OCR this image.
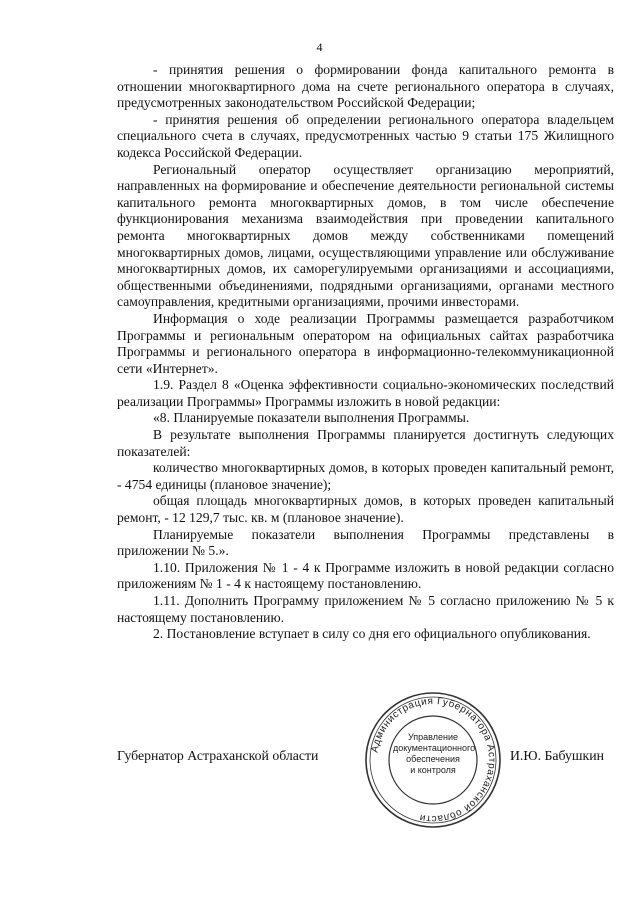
4

- принятия решения о формировании фонда капитального ремонта в отношении многоквартирного дома на счете регионального оператора в случаях, предусмотренных законодательством Российской Федерации;

- принятия решения об определении регионального оператора владельцем специального счета в случаях, предусмотренных частью 9 статьи 175 Жилищного кодекса Российской Федерации.

Региональный оператор осуществляет организацию мероприятий, направленных на формирование и обеспечение деятельности региональной системы капитального ремонта многоквартирных домов, в том числе обеспечение функционирования механизма взаимодействия при проведении капитального ремонта многоквартирных домов между собственниками помещений многоквартирных домов, лицами, осуществляющими управление или обслуживание многоквартирных домов, их саморегулируемыми организациями и ассоциациями, общественными объединениями, подрядными организациями, органами местного самоуправления, кредитными организациями, прочими инвесторами.

Информация о ходе реализации Программы размещается разработчиком Программы и региональным оператором на официальных сайтах разработчика Программы и регионального оператора в информационно-телекоммуникационной сети «Интернет».

1.9. Раздел 8 «Оценка эффективности социально-экономических последствий реализации Программы» Программы изложить в новой редакции:

«8. Планируемые показатели выполнения Программы.

В результате выполнения Программы планируется достигнуть следующих показателей:

количество многоквартирных домов, в которых проведен капитальный ремонт, - 4754 единицы (плановое значение);

общая площадь многоквартирных домов, в которых проведен капитальный ремонт, - 12 129,7 тыс. кв. м (плановое значение).

Планируемые показатели выполнения Программы представлены в приложении № 5.».

1.10. Приложения № 1 - 4 к Программе изложить в новой редакции согласно приложениям № 1 - 4 к настоящему постановлению.

1.11. Дополнить Программу приложением № 5 согласно приложению № 5 к настоящему постановлению.

2. Постановление вступает в силу со дня его официального опубликования.

Губернатор Астраханской области	И.Ю. Бабушкин
Администрация Губернатора Астраханской области
Управление
документационного
обеспечения
и контроля
